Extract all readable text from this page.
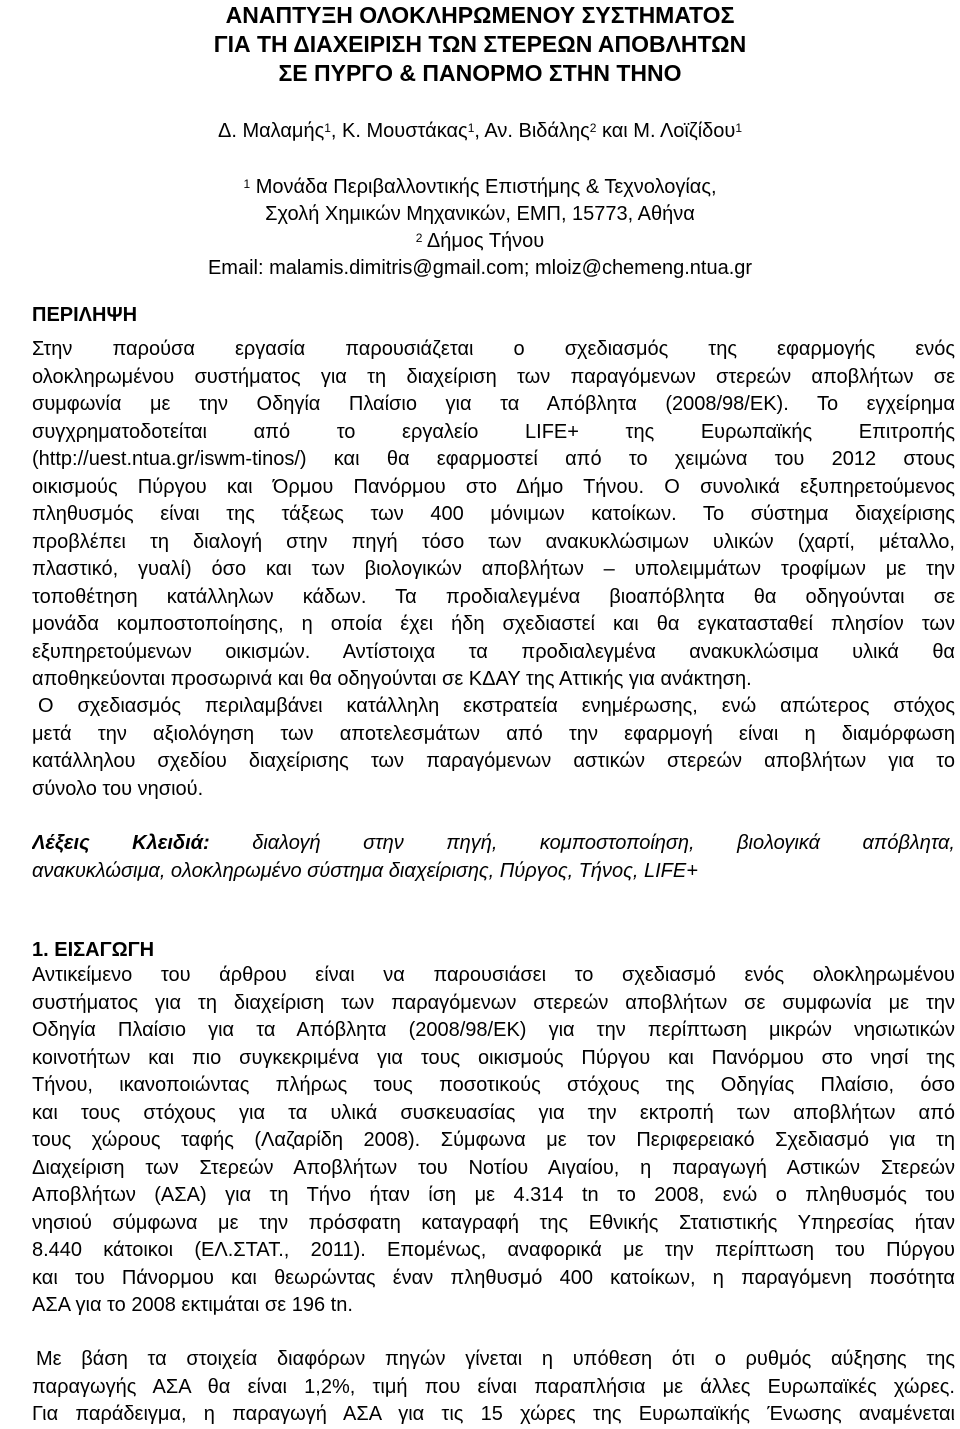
ΑΝΑΠΤΥΞΗ ΟΛΟΚΛΗΡΩΜΕΝΟΥ ΣΥΣΤΗΜΑΤΟΣ
ΓΙΑ ΤΗ ΔΙΑΧΕΙΡΙΣΗ ΤΩΝ ΣΤΕΡΕΩΝ ΑΠΟΒΛΗΤΩΝ
ΣΕ ΠΥΡΓΟ & ΠΑΝΟΡΜΟ ΣΤΗΝ ΤΗΝΟ
Δ. Μαλαμής$^1$, Κ. Μουστάκας$^1$, Αν. Βιδάλης$^2$ και Μ. Λοϊζίδου$^1$
$^1$ Μονάδα Περιβαλλοντικής Επιστήμης & Τεχνολογίας,
Σχολή Χημικών Μηχανικών, ΕΜΠ, 15773, Αθήνα
$^2$ Δήμος Τήνου
Email: malamis.dimitris@gmail.com; mloiz@chemeng.ntua.gr
ΠΕΡΙΛΗΨΗ
Στην παρούσα εργασία παρουσιάζεται ο σχεδιασμός της εφαρμογής ενός
ολοκληρωμένου συστήματος για τη διαχείριση των παραγόμενων στερεών αποβλήτων σε
συμφωνία με την Οδηγία Πλαίσιο για τα Απόβλητα (2008/98/ΕΚ). Το εγχείρημα
συγχρηματοδοτείται από το εργαλείο LIFE+ της Ευρωπαϊκής Επιτροπής
(http://uest.ntua.gr/iswm-tinos/) και θα εφαρμοστεί από το χειμώνα του 2012 στους
οικισμούς Πύργου και Όρμου Πανόρμου στο Δήμο Τήνου. Ο συνολικά εξυπηρετούμενος
πληθυσμός είναι της τάξεως των 400 μόνιμων κατοίκων. Το σύστημα διαχείρισης
προβλέπει τη διαλογή στην πηγή τόσο των ανακυκλώσιμων υλικών (χαρτί, μέταλλο,
πλαστικό, γυαλί) όσο και των βιολογικών αποβλήτων – υπολειμμάτων τροφίμων με την
τοποθέτηση κατάλληλων κάδων. Τα προδιαλεγμένα βιοαπόβλητα θα οδηγούνται σε
μονάδα κομποστοποίησης, η οποία έχει ήδη σχεδιαστεί και θα εγκατασταθεί πλησίον των
εξυπηρετούμενων οικισμών. Αντίστοιχα τα προδιαλεγμένα ανακυκλώσιμα υλικά θα
αποθηκεύονται προσωρινά και θα οδηγούνται σε ΚΔΑΥ της Αττικής για ανάκτηση.
Ο σχεδιασμός περιλαμβάνει κατάλληλη εκστρατεία ενημέρωσης, ενώ απώτερος στόχος
μετά την αξιολόγηση των αποτελεσμάτων από την εφαρμογή είναι η διαμόρφωση
κατάλληλου σχεδίου διαχείρισης των παραγόμενων αστικών στερεών αποβλήτων για το
σύνολο του νησιού.
Λέξεις Κλειδιά: διαλογή στην πηγή, κομποστοποίηση, βιολογικά απόβλητα,
ανακυκλώσιμα, ολοκληρωμένο σύστημα διαχείρισης, Πύργος, Τήνος, LIFE+
1. ΕΙΣΑΓΩΓΗ
Αντικείμενο του άρθρου είναι να παρουσιάσει το σχεδιασμό ενός ολοκληρωμένου
συστήματος για τη διαχείριση των παραγόμενων στερεών αποβλήτων σε συμφωνία με την
Οδηγία Πλαίσιο για τα Απόβλητα (2008/98/ΕΚ) για την περίπτωση μικρών νησιωτικών
κοινοτήτων και πιο συγκεκριμένα για τους οικισμούς Πύργου και Πανόρμου στο νησί της
Τήνου, ικανοποιώντας πλήρως τους ποσοτικούς στόχους της Οδηγίας Πλαίσιο, όσο
και τους στόχους για τα υλικά συσκευασίας για την εκτροπή των αποβλήτων από
τους χώρους ταφής (Λαζαρίδη 2008). Σύμφωνα με τον Περιφερειακό Σχεδιασμό για τη
Διαχείριση των Στερεών Αποβλήτων του Νοτίου Αιγαίου, η παραγωγή Αστικών Στερεών
Αποβλήτων (ΑΣΑ) για τη Τήνο ήταν ίση με 4.314 tn το 2008, ενώ ο πληθυσμός του
νησιού σύμφωνα με την πρόσφατη καταγραφή της Εθνικής Στατιστικής Υπηρεσίας ήταν
8.440 κάτοικοι (ΕΛ.ΣΤΑΤ., 2011). Επομένως, αναφορικά με την περίπτωση του Πύργου
και του Πάνορμου και θεωρώντας έναν πληθυσμό 400 κατοίκων, η παραγόμενη ποσότητα
ΑΣΑ για το 2008 εκτιμάται σε 196 tn.
Με βάση τα στοιχεία διαφόρων πηγών γίνεται η υπόθεση ότι ο ρυθμός αύξησης της
παραγωγής ΑΣΑ θα είναι 1,2%, τιμή που είναι παραπλήσια με άλλες Ευρωπαϊκές χώρες.
Για παράδειγμα, η παραγωγή ΑΣΑ για τις 15 χώρες της Ευρωπαϊκής Ένωσης αναμένεται
